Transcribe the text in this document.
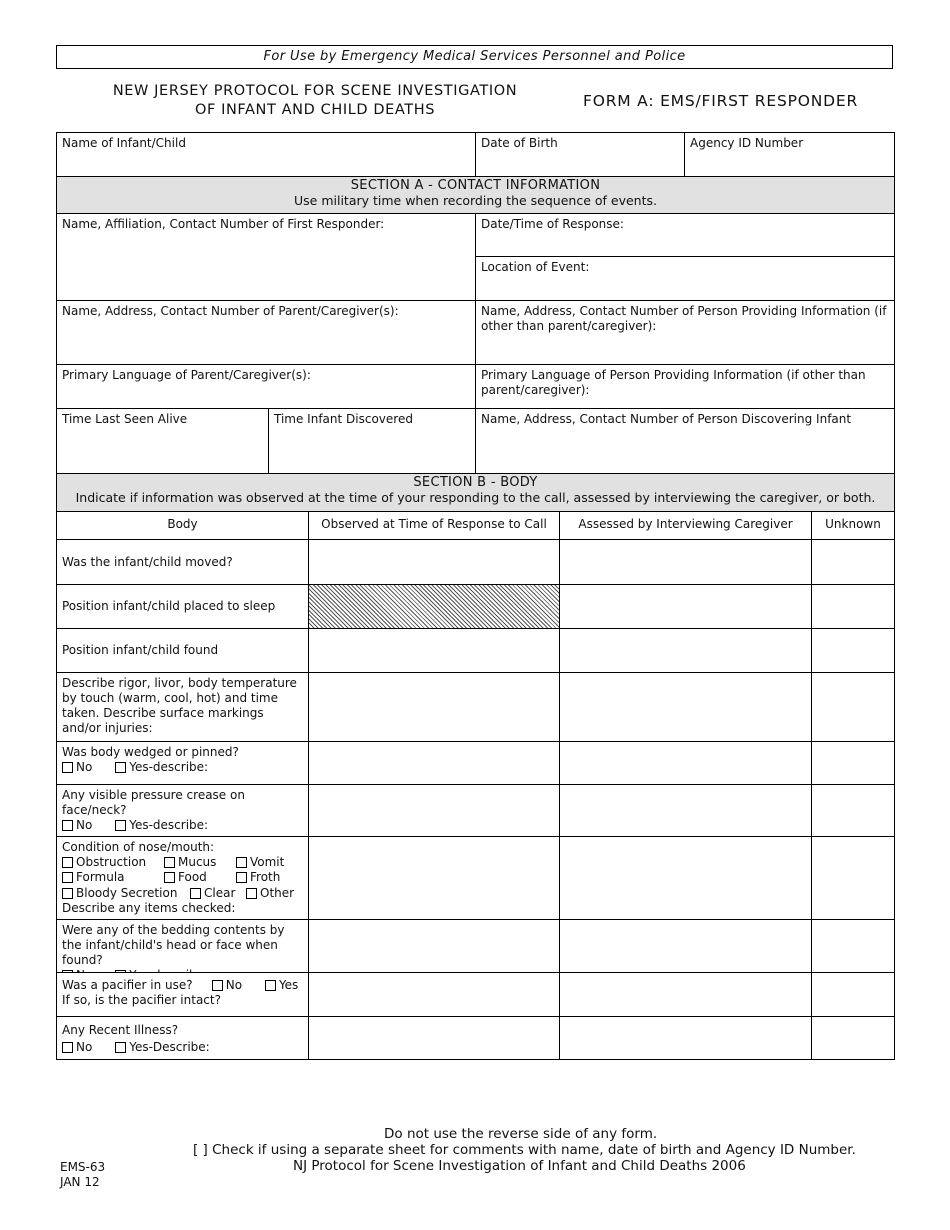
For Use by Emergency Medical Services Personnel and Police
NEW JERSEY PROTOCOL FOR SCENE INVESTIGATION
OF INFANT AND CHILD DEATHS	FORM A: EMS/FIRST RESPONDER
Name of Infant/Child	Date of Birth	Agency ID Number
SECTION A - CONTACT INFORMATION
Use military time when recording the sequence of events.
Name, Affiliation, Contact Number of First Responder:	Date/Time of Response:
Location of Event:
Name, Address, Contact Number of Parent/Caregiver(s):	Name, Address, Contact Number of Person Providing Information (if other than parent/caregiver):
Primary Language of Parent/Caregiver(s):	Primary Language of Person Providing Information (if other than parent/caregiver):
Time Last Seen Alive	Time Infant Discovered	Name, Address, Contact Number of Person Discovering Infant
SECTION B - BODY
Indicate if information was observed at the time of your responding to the call, assessed by interviewing the caregiver, or both.
Body	Observed at Time of Response to Call	Assessed by Interviewing Caregiver	Unknown
Was the infant/child moved?
Position infant/child placed to sleep
Position infant/child found
Describe rigor, livor, body temperature by touch (warm, cool, hot) and time taken. Describe surface markings and/or injuries:
Was body wedged or pinned?
No	Yes-describe:
Any visible pressure crease on face/neck?
No	Yes-describe:
Condition of nose/mouth:
Obstruction	Mucus	Vomit
Formula	Food	Froth
Bloody Secretion	Clear	Other
Describe any items checked:
Were any of the bedding contents by the infant/child's head or face when found?

Was a pacifier in use?	No	Yes
If so, is the pacifier intact?
Any Recent Illness?
No	Yes-Describe:
Do not use the reverse side of any form.
[ ] Check if using a separate sheet for comments with name, date of birth and Agency ID Number.
NJ Protocol for Scene Investigation of Infant and Child Deaths 2006
EMS-63
JAN 12
